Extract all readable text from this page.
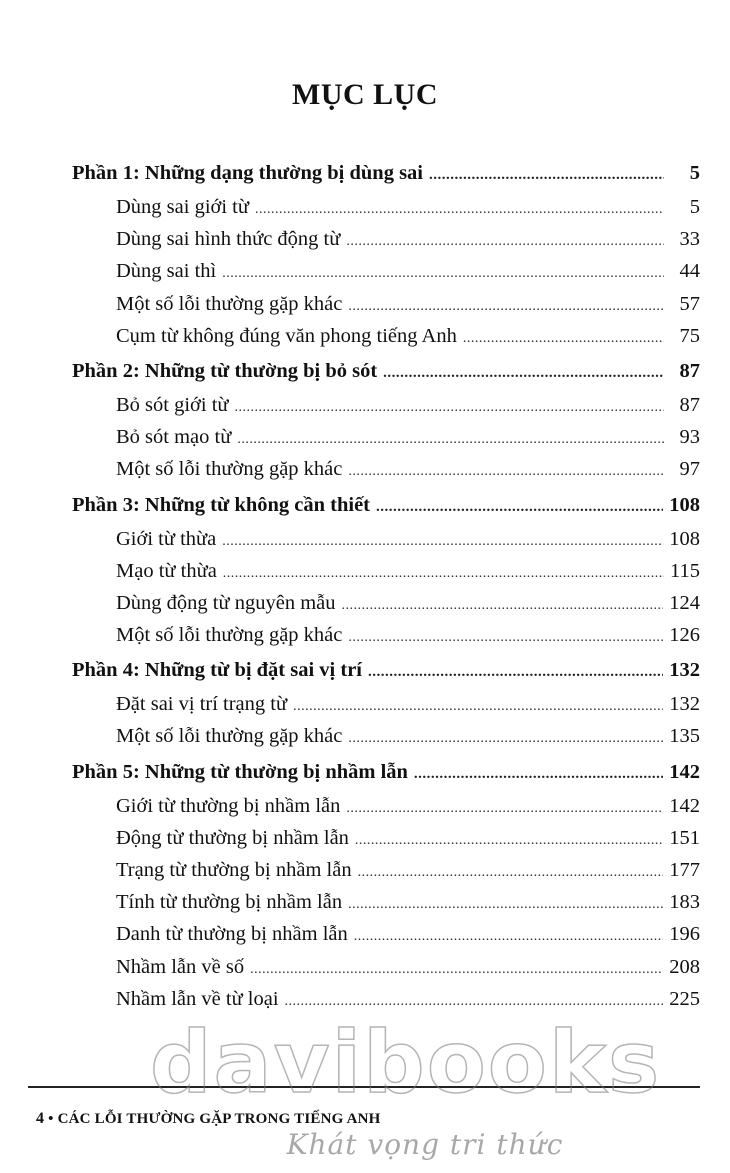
MỤC LỤC
Phần 1: Những dạng thường bị dùng sai .....	5
Dùng sai giới từ .....	5
Dùng sai hình thức động từ .....	33
Dùng sai thì .....	44
Một số lỗi thường gặp khác .....	57
Cụm từ không đúng văn phong tiếng Anh .....	75
Phần 2: Những từ thường bị bỏ sót .....	87
Bỏ sót giới từ .....	87
Bỏ sót mạo từ .....	93
Một số lỗi thường gặp khác .....	97
Phần 3: Những từ không cần thiết .....	108
Giới từ thừa .....	108
Mạo từ thừa .....	115
Dùng động từ nguyên mẫu .....	124
Một số lỗi thường gặp khác .....	126
Phần 4: Những từ bị đặt sai vị trí .....	132
Đặt sai vị trí trạng từ .....	132
Một số lỗi thường gặp khác .....	135
Phần 5: Những từ thường bị nhầm lẫn .....	142
Giới từ thường bị nhầm lẫn .....	142
Động từ thường bị nhầm lẫn .....	151
Trạng từ thường bị nhầm lẫn .....	177
Tính từ thường bị nhầm lẫn .....	183
Danh từ thường bị nhầm lẫn .....	196
Nhầm lẫn về số .....	208
Nhầm lẫn về từ loại .....	225
4 • CÁC LỖI THƯỜNG GẶP TRONG TIẾNG ANH
davibooks
Khát vọng tri thức
